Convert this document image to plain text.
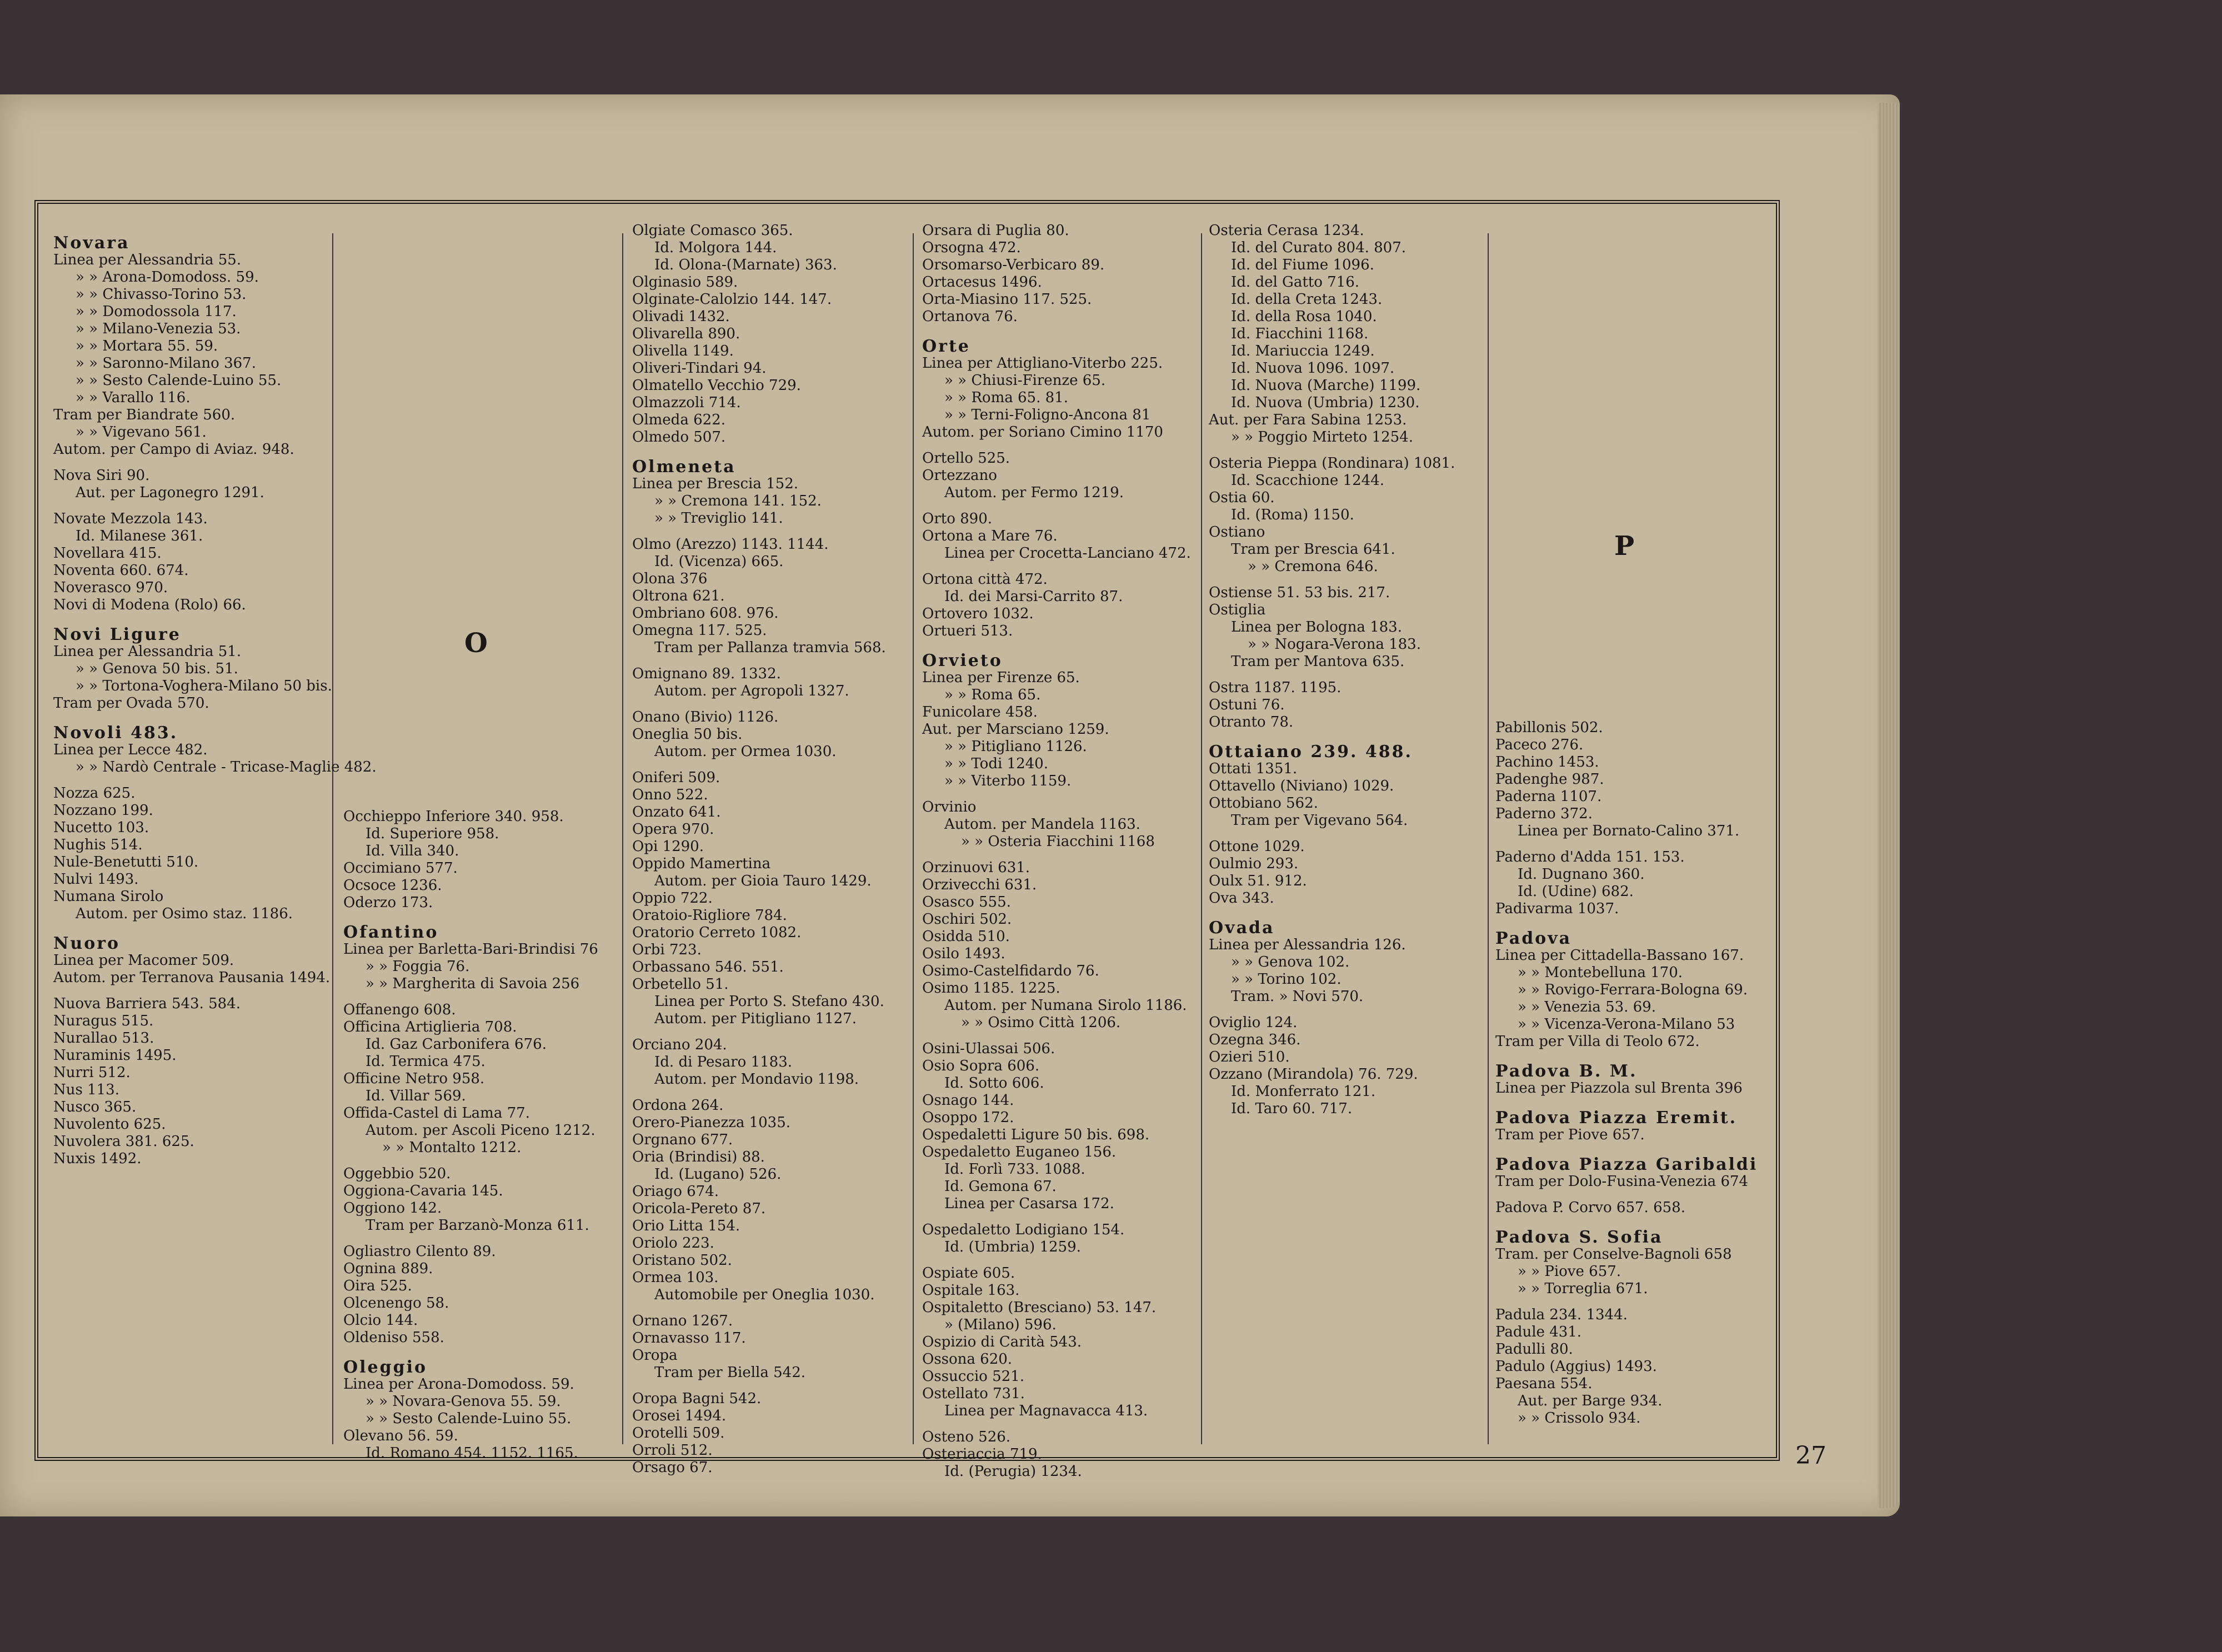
Novara
Linea per Alessandria 55.
» » Arona-Domodoss. 59.
» » Chivasso-Torino 53.
» » Domodossola 117.
» » Milano-Venezia 53.
» » Mortara 55. 59.
» » Saronno-Milano 367.
» » Sesto Calende-Luino 55.
» » Varallo 116.
Tram per Biandrate 560.
» » Vigevano 561.
Autom. per Campo di Aviaz. 948.
Nova Siri 90.
Aut. per Lagonegro 1291.
Novate Mezzola 143.
Id. Milanese 361.
Novellara 415.
Noventa 660. 674.
Noverasco 970.
Novi di Modena (Rolo) 66.
Novi Ligure
Linea per Alessandria 51.
» » Genova 50 bis. 51.
» » Tortona-Voghera-Milano 50 bis.
Tram per Ovada 570.
Novoli 483.
Linea per Lecce 482.
» » Nardò Centrale - Tricase-Maglie 482.
Nozza 625.
Nozzano 199.
Nucetto 103.
Nughis 514.
Nule-Benetutti 510.
Nulvi 1493.
Numana Sirolo
Autom. per Osimo staz. 1186.
Nuoro
Linea per Macomer 509.
Autom. per Terranova Pausania 1494.
Nuova Barriera 543. 584.
Nuragus 515.
Nurallao 513.
Nuraminis 1495.
Nurri 512.
Nus 113.
Nusco 365.
Nuvolento 625.
Nuvolera 381. 625.
Nuxis 1492.
Occhieppo Inferiore 340. 958.
Id. Superiore 958.
Id. Villa 340.
Occimiano 577.
Ocsoce 1236.
Oderzo 173.
Ofantino
Linea per Barletta-Bari-Brindisi 76
» » Foggia 76.
» » Margherita di Savoia 256
Offanengo 608.
Officina Artiglieria 708.
Id. Gaz Carbonifera 676.
Id. Termica 475.
Officine Netro 958.
Id. Villar 569.
Offida-Castel di Lama 77.
Autom. per Ascoli Piceno 1212.
» » Montalto 1212.
Oggebbio 520.
Oggiona-Cavaria 145.
Oggiono 142.
Tram per Barzanò-Monza 611.
Ogliastro Cilento 89.
Ognina 889.
Oira 525.
Olcenengo 58.
Olcio 144.
Oldeniso 558.
Oleggio
Linea per Arona-Domodoss. 59.
» » Novara-Genova 55. 59.
» » Sesto Calende-Luino 55.
Olevano 56. 59.
Id. Romano 454. 1152. 1165.
Olgiate Comasco 365.
Id. Molgora 144.
Id. Olona-(Marnate) 363.
Olginasio 589.
Olginate-Calolzio 144. 147.
Olivadi 1432.
Olivarella 890.
Olivella 1149.
Oliveri-Tindari 94.
Olmatello Vecchio 729.
Olmazzoli 714.
Olmeda 622.
Olmedo 507.
Olmeneta
Linea per Brescia 152.
» » Cremona 141. 152.
» » Treviglio 141.
Olmo (Arezzo) 1143. 1144.
Id. (Vicenza) 665.
Olona 376
Oltrona 621.
Ombriano 608. 976.
Omegna 117. 525.
Tram per Pallanza tramvia 568.
Omignano 89. 1332.
Autom. per Agropoli 1327.
Onano (Bivio) 1126.
Oneglia 50 bis.
Autom. per Ormea 1030.
Oniferi 509.
Onno 522.
Onzato 641.
Opera 970.
Opi 1290.
Oppido Mamertina
Autom. per Gioia Tauro 1429.
Oppio 722.
Oratoio-Rigliore 784.
Oratorio Cerreto 1082.
Orbi 723.
Orbassano 546. 551.
Orbetello 51.
Linea per Porto S. Stefano 430.
Autom. per Pitigliano 1127.
Orciano 204.
Id. di Pesaro 1183.
Autom. per Mondavio 1198.
Ordona 264.
Orero-Pianezza 1035.
Orgnano 677.
Oria (Brindisi) 88.
Id. (Lugano) 526.
Oriago 674.
Oricola-Pereto 87.
Orio Litta 154.
Oriolo 223.
Oristano 502.
Ormea 103.
Automobile per Oneglia 1030.
Ornano 1267.
Ornavasso 117.
Oropa
Tram per Biella 542.
Oropa Bagni 542.
Orosei 1494.
Orotelli 509.
Orroli 512.
Orsago 67.
Orsara di Puglia 80.
Orsogna 472.
Orsomarso-Verbicaro 89.
Ortacesus 1496.
Orta-Miasino 117. 525.
Ortanova 76.
Orte
Linea per Attigliano-Viterbo 225.
» » Chiusi-Firenze 65.
» » Roma 65. 81.
» » Terni-Foligno-Ancona 81
Autom. per Soriano Cimino 1170
Ortello 525.
Ortezzano
Autom. per Fermo 1219.
Orto 890.
Ortona a Mare 76.
Linea per Crocetta-Lanciano 472.
Ortona città 472.
Id. dei Marsi-Carrito 87.
Ortovero 1032.
Ortueri 513.
Orvieto
Linea per Firenze 65.
» » Roma 65.
Funicolare 458.
Aut. per Marsciano 1259.
» » Pitigliano 1126.
» » Todi 1240.
» » Viterbo 1159.
Orvinio
Autom. per Mandela 1163.
» » Osteria Fiacchini 1168
Orzinuovi 631.
Orzivecchi 631.
Osasco 555.
Oschiri 502.
Osidda 510.
Osilo 1493.
Osimo-Castelfidardo 76.
Osimo 1185. 1225.
Autom. per Numana Sirolo 1186.
» » Osimo Città 1206.
Osini-Ulassai 506.
Osio Sopra 606.
Id. Sotto 606.
Osnago 144.
Osoppo 172.
Ospedaletti Ligure 50 bis. 698.
Ospedaletto Euganeo 156.
Id. Forlì 733. 1088.
Id. Gemona 67.
Linea per Casarsa 172.
Ospedaletto Lodigiano 154.
Id. (Umbria) 1259.
Ospiate 605.
Ospitale 163.
Ospitaletto (Bresciano) 53. 147.
» (Milano) 596.
Ospizio di Carità 543.
Ossona 620.
Ossuccio 521.
Ostellato 731.
Linea per Magnavacca 413.
Osteno 526.
Osteriaccia 719.
Id. (Perugia) 1234.
Osteria Cerasa 1234.
Id. del Curato 804. 807.
Id. del Fiume 1096.
Id. del Gatto 716.
Id. della Creta 1243.
Id. della Rosa 1040.
Id. Fiacchini 1168.
Id. Mariuccia 1249.
Id. Nuova 1096. 1097.
Id. Nuova (Marche) 1199.
Id. Nuova (Umbria) 1230.
Aut. per Fara Sabina 1253.
» » Poggio Mirteto 1254.
Osteria Pieppa (Rondinara) 1081.
Id. Scacchione 1244.
Ostia 60.
Id. (Roma) 1150.
Ostiano
Tram per Brescia 641.
» » Cremona 646.
Ostiense 51. 53 bis. 217.
Ostiglia
Linea per Bologna 183.
» » Nogara-Verona 183.
Tram per Mantova 635.
Ostra 1187. 1195.
Ostuni 76.
Otranto 78.
Ottaiano 239. 488.
Ottati 1351.
Ottavello (Niviano) 1029.
Ottobiano 562.
Tram per Vigevano 564.
Ottone 1029.
Oulmio 293.
Oulx 51. 912.
Ova 343.
Ovada
Linea per Alessandria 126.
» » Genova 102.
» » Torino 102.
Tram. » Novi 570.
Oviglio 124.
Ozegna 346.
Ozieri 510.
Ozzano (Mirandola) 76. 729.
Id. Monferrato 121.
Id. Taro 60. 717.
Pabillonis 502.
Paceco 276.
Pachino 1453.
Padenghe 987.
Paderna 1107.
Paderno 372.
Linea per Bornato-Calino 371.
Paderno d'Adda 151. 153.
Id. Dugnano 360.
Id. (Udine) 682.
Padivarma 1037.
Padova
Linea per Cittadella-Bassano 167.
» » Montebelluna 170.
» » Rovigo-Ferrara-Bologna 69.
» » Venezia 53. 69.
» » Vicenza-Verona-Milano 53
Tram per Villa di Teolo 672.
Padova B. M.
Linea per Piazzola sul Brenta 396
Padova Piazza Eremit.
Tram per Piove 657.
Padova Piazza Garibaldi
Tram per Dolo-Fusina-Venezia 674
Padova P. Corvo 657. 658.
Padova S. Sofia
Tram. per Conselve-Bagnoli 658
» » Piove 657.
» » Torreglia 671.
Padula 234. 1344.
Padule 431.
Padulli 80.
Padulo (Aggius) 1493.
Paesana 554.
Aut. per Barge 934.
» » Crissolo 934.
O
P
27
